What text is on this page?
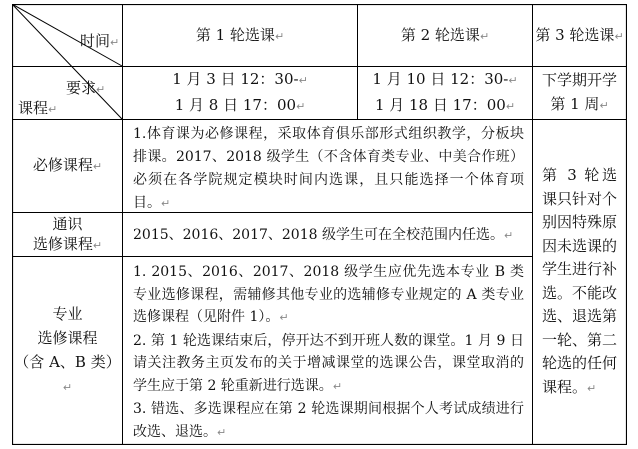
时间↵
要求↵
课程↵
第 1 轮选课↵	第 2 轮选课↵	第 3 轮选课↵
1 月 3 日 12：30-↵
1 月 8 日 17：00↵
1 月 10 日 12：30-↵
1 月 18 日 17：00↵
下学期开学
第 1 周↵
必修课程↵
1.体育课为必修课程，采取体育俱乐部形式组织教学，分板块排课。2017、2018 级学生（不含体育类专业、中美合作班）必须在各学院规定模块时间内选课，且只能选择一个体育项目。↵
通识
选修课程↵
2015、2016、2017、2018 级学生可在全校范围内任选。↵
专业
选修课程
（含 A、B 类）↵
1. 2015、2016、2017、2018 级学生应优先选本专业 B 类专业选修课程，需辅修其他专业的选辅修专业规定的 A 类专业选修课程（见附件 1）。↵
2. 第 1 轮选课结束后，停开达不到开班人数的课堂。1 月 9 日请关注教务主页发布的关于增减课堂的选课公告，课堂取消的学生应于第 2 轮重新进行选课。↵
3. 错选、多选课程应在第 2 轮选课期间根据个人考试成绩进行改选、退选。↵
第 3 轮选课只针对个别因特殊原因未选课的学生进行补选。不能改选、退选第一轮、第二轮选的任何课程。↵
